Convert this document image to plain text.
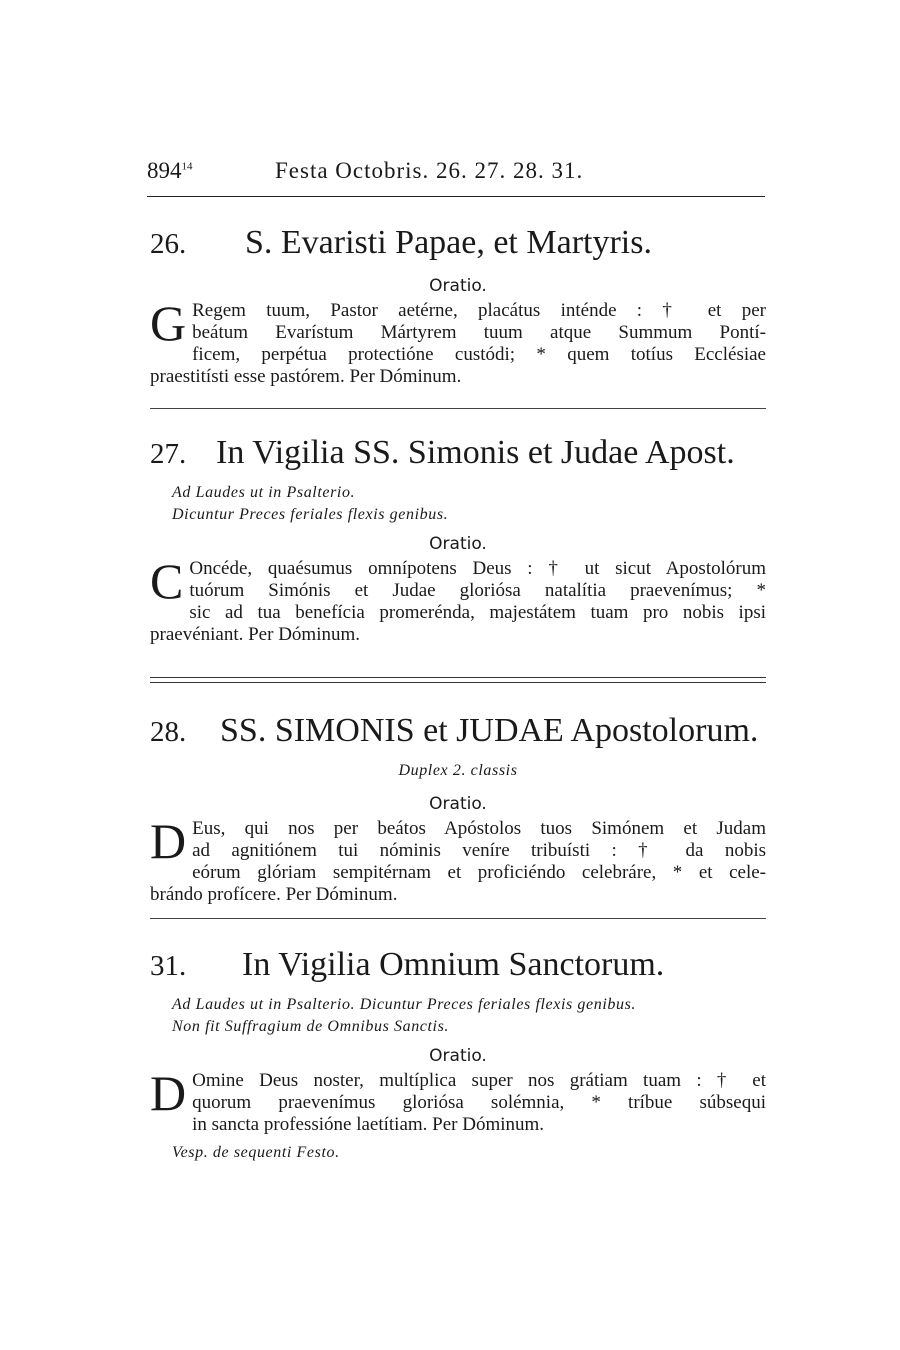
$894^{14}$	Festa Octobris. 26. 27. 28. 31.
26. S. Evaristi Papae, et Martyris.
Oratio.
G Regem tuum, Pastor aetérne, placátus inténde : † et per
beátum Evarístum Mártyrem tuum atque Summum Pontí-
ficem, perpétua protectióne custódi; * quem totíus Ecclésiae
praestitísti esse pastórem. Per Dóminum.
27. In Vigilia SS. Simonis et Judae Apost.
Ad Laudes ut in Psalterio.
Dicuntur Preces feriales flexis genibus.
Oratio.
C Oncéde, quaésumus omnípotens Deus : † ut sicut Apostolórum
tuórum Simónis et Judae gloriósa natalítia praevenímus; *
sic ad tua benefícia promerénda, majestátem tuam pro nobis ipsi
praevéniant. Per Dóminum.
28. SS. SIMONIS et JUDAE Apostolorum.
Duplex 2. classis
Oratio.
D Eus, qui nos per beátos Apóstolos tuos Simónem et Judam
ad agnitiónem tui nóminis veníre tribuísti : † da nobis
eórum glóriam sempitérnam et proficiéndo celebráre, * et cele-
brándo profícere. Per Dóminum.
31. In Vigilia Omnium Sanctorum.
Ad Laudes ut in Psalterio. Dicuntur Preces feriales flexis genibus.
Non fit Suffragium de Omnibus Sanctis.
Oratio.
D Omine Deus noster, multíplica super nos grátiam tuam : † et
quorum praevenímus gloriósa solémnia, * tríbue súbsequi
in sancta professióne laetítiam. Per Dóminum.
Vesp. de sequenti Festo.
